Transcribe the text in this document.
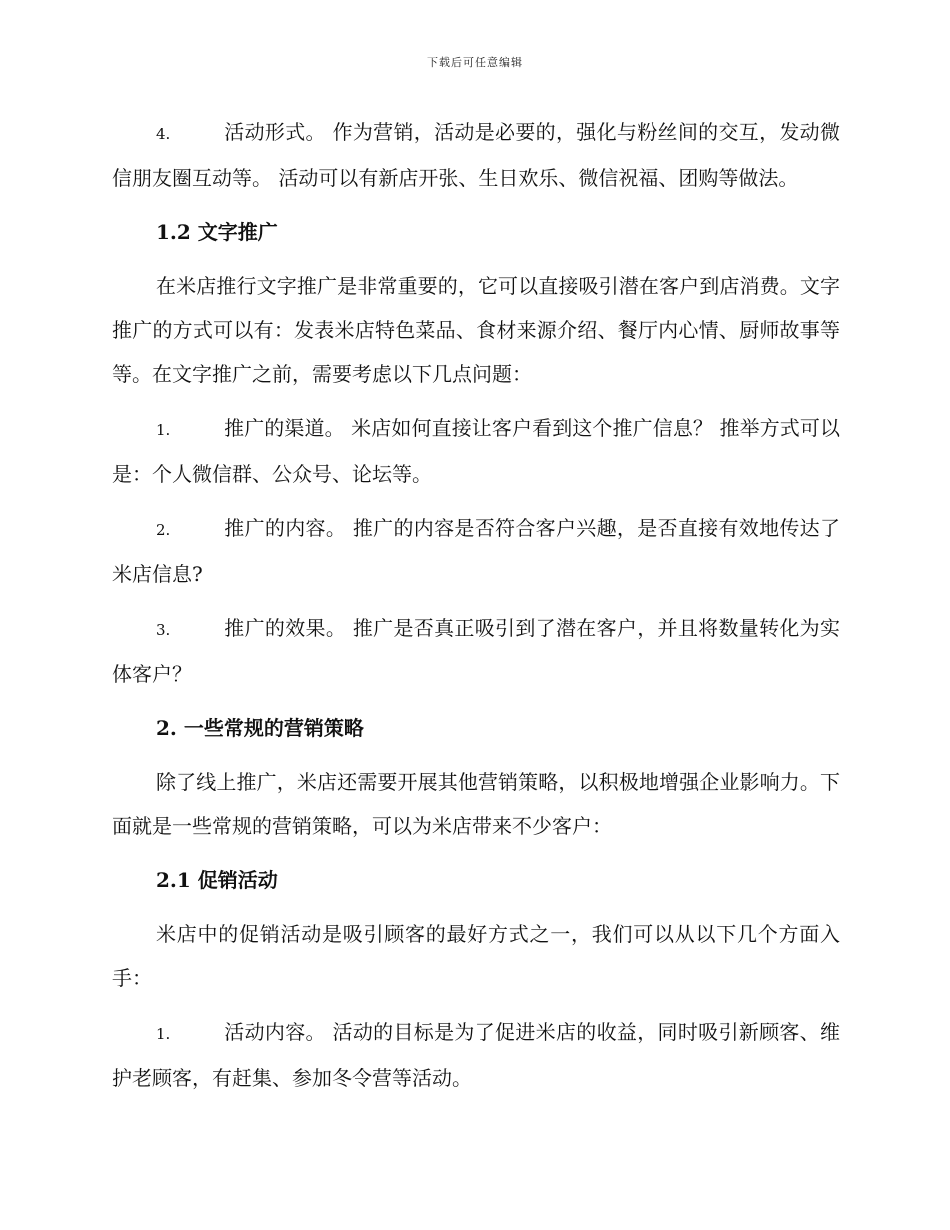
下载后可任意编辑
4.	活动形式。 作为营销，活动是必要的，强化与粉丝间的交互，发动微信朋友圈互动等。 活动可以有新店开张、生日欢乐、微信祝福、团购等做法。
1.2 文字推广
在米店推行文字推广是非常重要的，它可以直接吸引潜在客户到店消费。文字推广的方式可以有：发表米店特色菜品、食材来源介绍、餐厅内心情、厨师故事等等。在文字推广之前，需要考虑以下几点问题：
1.	推广的渠道。 米店如何直接让客户看到这个推广信息？ 推举方式可以是：个人微信群、公众号、论坛等。
2.	推广的内容。 推广的内容是否符合客户兴趣，是否直接有效地传达了米店信息?
3.	推广的效果。 推广是否真正吸引到了潜在客户，并且将数量转化为实体客户？
2. 一些常规的营销策略
除了线上推广，米店还需要开展其他营销策略，以积极地增强企业影响力。下面就是一些常规的营销策略，可以为米店带来不少客户：
2.1 促销活动
米店中的促销活动是吸引顾客的最好方式之一，我们可以从以下几个方面入手：
1.	活动内容。 活动的目标是为了促进米店的收益，同时吸引新顾客、维护老顾客，有赶集、参加冬令营等活动。
